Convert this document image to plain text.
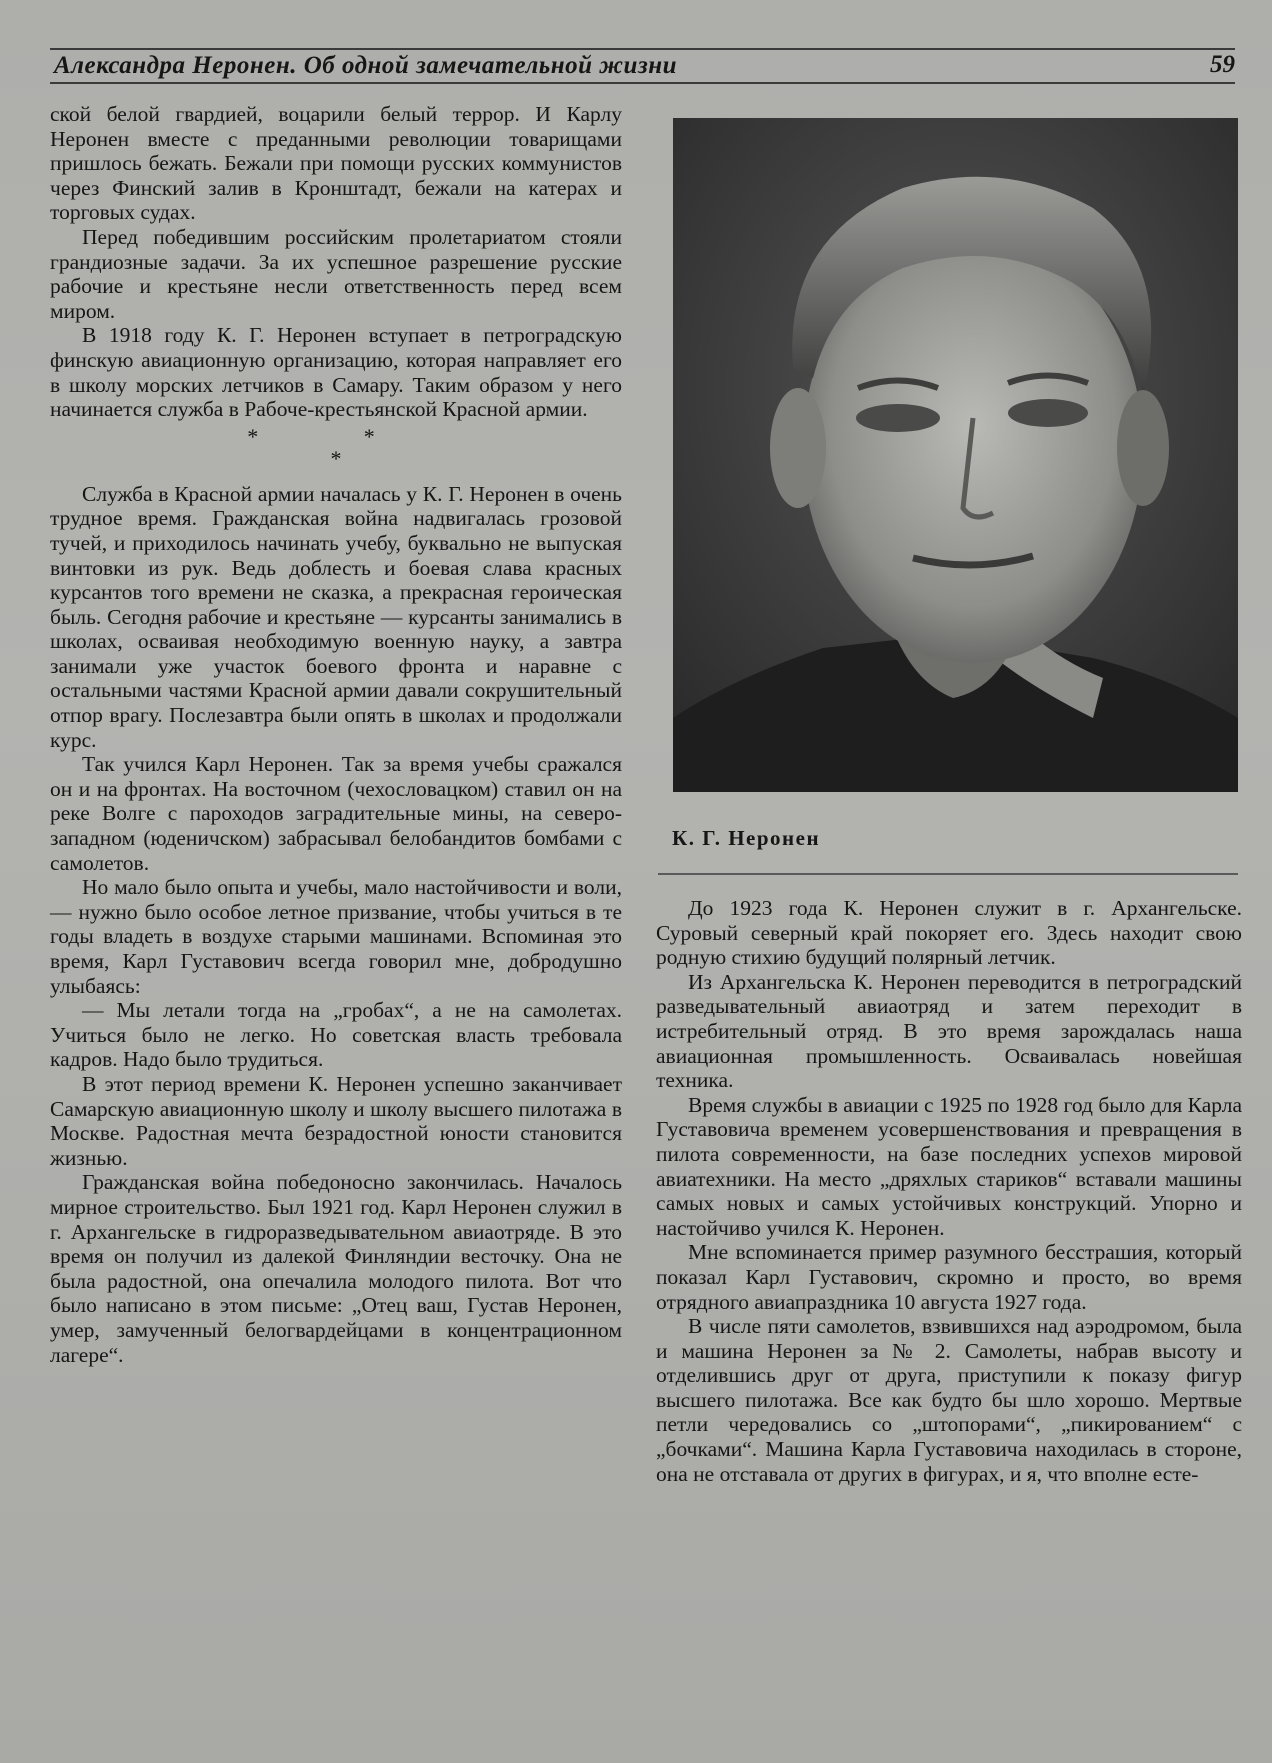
Александра Неронен. Об одной замечательной жизни	59

ской белой гвардией, воцарили белый террор. И Карлу Неронен вместе с преданными революции товарищами пришлось бежать. Бежали при помощи русских коммунистов через Финский залив в Кронштадт, бежали на катерах и торговых судах.

Перед победившим российским пролетариатом стояли грандиозные задачи. За их успешное разрешение русские рабочие и крестьяне несли ответственность перед всем миром.

В 1918 году К. Г. Неронен вступает в петроградскую финскую авиационную организацию, которая направляет его в школу морских летчиков в Самару. Таким образом у него начинается служба в Рабоче-крестьянской Красной армии.

* *
*

Служба в Красной армии началась у К. Г. Неронен в очень трудное время. Гражданская война надвигалась грозовой тучей, и приходилось начинать учебу, буквально не выпуская винтовки из рук. Ведь доблесть и боевая слава красных курсантов того времени не сказка, а прекрасная героическая быль. Сегодня рабочие и крестьяне — курсанты занимались в школах, осваивая необходимую военную науку, а завтра занимали уже участок боевого фронта и наравне с остальными частями Красной армии давали сокрушительный отпор врагу. Послезавтра были опять в школах и продолжали курс.

Так учился Карл Неронен. Так за время учебы сражался он и на фронтах. На восточном (чехословацком) ставил он на реке Волге с пароходов заградительные мины, на северо-западном (юденичском) забрасывал белобандитов бомбами с самолетов.

Но мало было опыта и учебы, мало настойчивости и воли, — нужно было особое летное призвание, чтобы учиться в те годы владеть в воздухе старыми машинами. Вспоминая это время, Карл Густавович всегда говорил мне, добродушно улыбаясь:

— Мы летали тогда на „гробах“, а не на самолетах. Учиться было не легко. Но советская власть требовала кадров. Надо было трудиться.

В этот период времени К. Неронен успешно заканчивает Самарскую авиационную школу и школу высшего пилотажа в Москве. Радостная мечта безрадостной юности становится жизнью.

Гражданская война победоносно закончилась. Началось мирное строительство. Был 1921 год. Карл Неронен служил в г. Архангельске в гидроразведывательном авиаотряде. В это время он получил из далекой Финляндии весточку. Она не была радостной, она опечалила молодого пилота. Вот что было написано в этом письме: „Отец ваш, Густав Неронен, умер, замученный белогвардейцами в концентрационном лагере“.

К. Г. Неронен

До 1923 года К. Неронен служит в г. Архангельске. Суровый северный край покоряет его. Здесь находит свою родную стихию будущий полярный летчик.

Из Архангельска К. Неронен переводится в петроградский разведывательный авиаотряд и затем переходит в истребительный отряд. В это время зарождалась наша авиационная промышленность. Осваивалась новейшая техника.

Время службы в авиации с 1925 по 1928 год было для Карла Густавовича временем усовершенствования и превращения в пилота современности, на базе последних успехов мировой авиатехники. На место „дряхлых стариков“ вставали машины самых новых и самых устойчивых конструкций. Упорно и настойчиво учился К. Неронен.

Мне вспоминается пример разумного бесстрашия, который показал Карл Густавович, скромно и просто, во время отрядного авиапраздника 10 августа 1927 года.

В числе пяти самолетов, взвившихся над аэродромом, была и машина Неронен за № 2. Самолеты, набрав высоту и отделившись друг от друга, приступили к показу фигур высшего пилотажа. Все как будто бы шло хорошо. Мертвые петли чередовались со „штопорами“, „пикированием“ с „бочками“. Машина Карла Густавовича находилась в стороне, она не отставала от других в фигурах, и я, что вполне есте-
